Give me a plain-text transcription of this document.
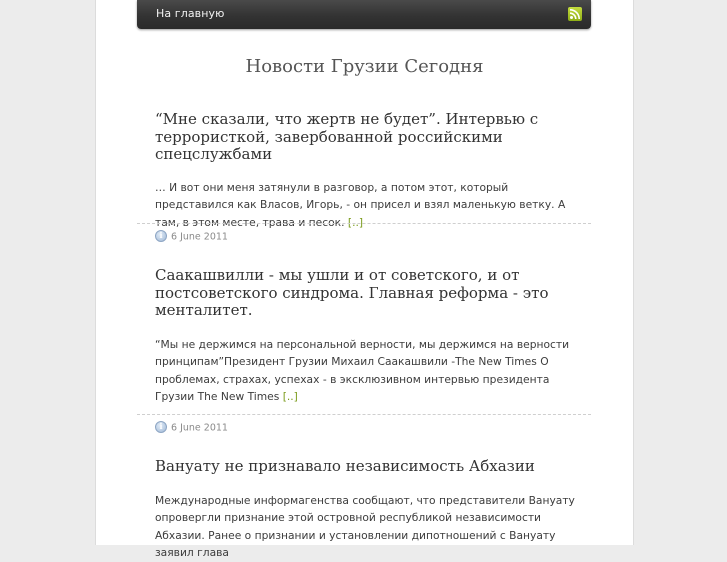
На главную
Новости Грузии Сегодня
“Мне сказали, что жертв не будет”. Интервью с террористкой, завербованной российскими спецслужбами

… И вот они меня затянули в разговор, а потом этот, который представился как Власов, Игорь, - он присел и взял маленькую ветку. А там, в этом месте, трава и песок. [..]

i6 June 2011
Саакашвилли - мы ушли и от советского, и от постсоветского синдрома. Главная реформа - это менталитет.

“Мы не держимся на персональной верности, мы держимся на верности принципам”Президент Грузии Михаил Саакашвили -The New Times О проблемах, страхах, успехах - в эксклюзивном интервью президента Грузии The New Times [..]

i6 June 2011
Вануату не признавало независимость Абхазии

Международные информагенства сообщают, что представители Вануату опровергли признание этой островной республикой независимости Абхазии. Ранее о признании и установлении дипотношений с Вануату заявил глава
